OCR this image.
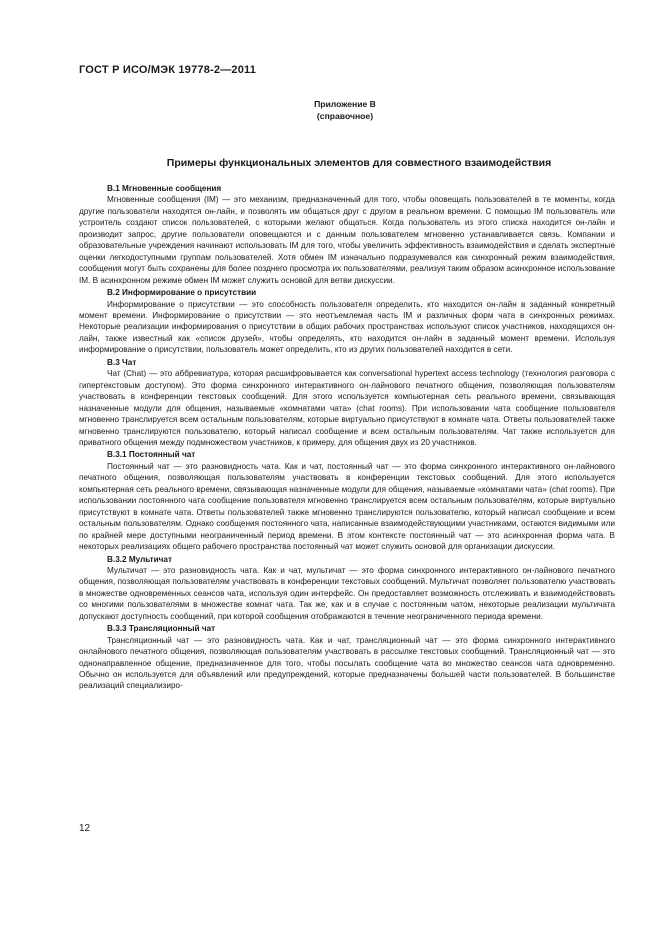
ГОСТ Р ИСО/МЭК 19778-2—2011
Приложение В
(справочное)
Примеры функциональных элементов для совместного взаимодействия
В.1 Мгновенные сообщения

Мгновенные сообщения (IM) — это механизм, предназначенный для того, чтобы оповещать пользователей в те моменты, когда другие пользователи находятся он-лайн, и позволять им общаться друг с другом в реальном времени. С помощью IM пользователь или устроитель создают список пользователей, с которыми желают общаться. Когда пользователь из этого списка находится он-лайн и производит запрос, другие пользователи оповещаются и с данным пользователем мгновенно устанавливается связь. Компании и образовательные учреждения начинают использовать IM для того, чтобы увеличить эффективность взаимодействия и сделать экспертные оценки легкодоступными группам пользователей. Хотя обмен IM изначально подразумевался как синхронный режим взаимодействия, сообщения могут быть сохранены для более позднего просмотра их пользователями, реализуя таким образом асинхронное использование IM. В асинхронном режиме обмен IM может служить основой для ветви дискуссии.

В.2 Информирование о присутствии

Информирование о присутствии — это способность пользователя определить, кто находится он-лайн в заданный конкретный момент времени. Информирование о присутствии — это неотъемлемая часть IM и различных форм чата в синхронных режимах. Некоторые реализации информирования о присутствии в общих рабочих пространствах используют список участников, находящихся он-лайн, также известный как «список друзей», чтобы определять, кто находится он-лайн в заданный момент времени. Используя информирование о присутствии, пользователь может определить, кто из других пользователей находится в сети.

В.3 Чат

Чат (Chat) — это аббревиатура, которая расшифровывается как conversational hypertext access technology (технология разговора с гипертекстовым доступом). Это форма синхронного интерактивного он-лайнового печатного общения, позволяющая пользователям участвовать в конференции текстовых сообщений. Для этого используется компьютерная сеть реального времени, связывающая назначенные модули для общения, называемые «комнатами чата» (chat rooms). При использовании чата сообщение пользователя мгновенно транслируется всем остальным пользователям, которые виртуально присутствуют в комнате чата. Ответы пользователей также мгновенно транслируются пользователю, который написал сообщение и всем остальным пользователям. Чат также используется для приватного общения между подмножеством участников, к примеру, для общения двух из 20 участников.

В.3.1 Постоянный чат

Постоянный чат — это разновидность чата. Как и чат, постоянный чат — это форма синхронного интерактивного он-лайнового печатного общения, позволяющая пользователям участвовать в конференции текстовых сообщений. Для этого используется компьютерная сеть реального времени, связывающая назначенные модули для общения, называемые «комнатами чата» (chat rooms). При использовании постоянного чата сообщение пользователя мгновенно транслируется всем остальным пользователям, которые виртуально присутствуют в комнате чата. Ответы пользователей также мгновенно транслируются пользователю, который написал сообщение и всем остальным пользователям. Однако сообщения постоянного чата, написанные взаимодействующими участниками, остаются видимыми или по крайней мере доступными неограниченный период времени. В этом контексте постоянный чат — это асинхронная форма чата. В некоторых реализациях общего рабочего пространства постоянный чат может служить основой для организации дискуссии.

В.3.2 Мультичат

Мультичат — это разновидность чата. Как и чат, мультичат — это форма синхронного интерактивного он-лайнового печатного общения, позволяющая пользователям участвовать в конференции текстовых сообщений. Мультичат позволяет пользователю участвовать в множестве одновременных сеансов чата, используя один интерфейс. Он предоставляет возможность отслеживать и взаимодействовать со многими пользователями в множестве комнат чата. Так же, как и в случае с постоянным чатом, некоторые реализации мультичата допускают доступность сообщений, при которой сообщения отображаются в течение неограниченного периода времени.

В.3.3 Трансляционный чат

Трансляционный чат — это разновидность чата. Как и чат, трансляционный чат — это форма синхронного интерактивного онлайнового печатного общения, позволяющая пользователям участвовать в рассылке текстовых сообщений. Трансляционный чат — это однонаправленное общение, предназначенное для того, чтобы посылать сообщение чата во множество сеансов чата одновременно. Обычно он используется для объявлений или предупреждений, которые предназначены большей части пользователей. В большинстве реализаций специализиро-

12
